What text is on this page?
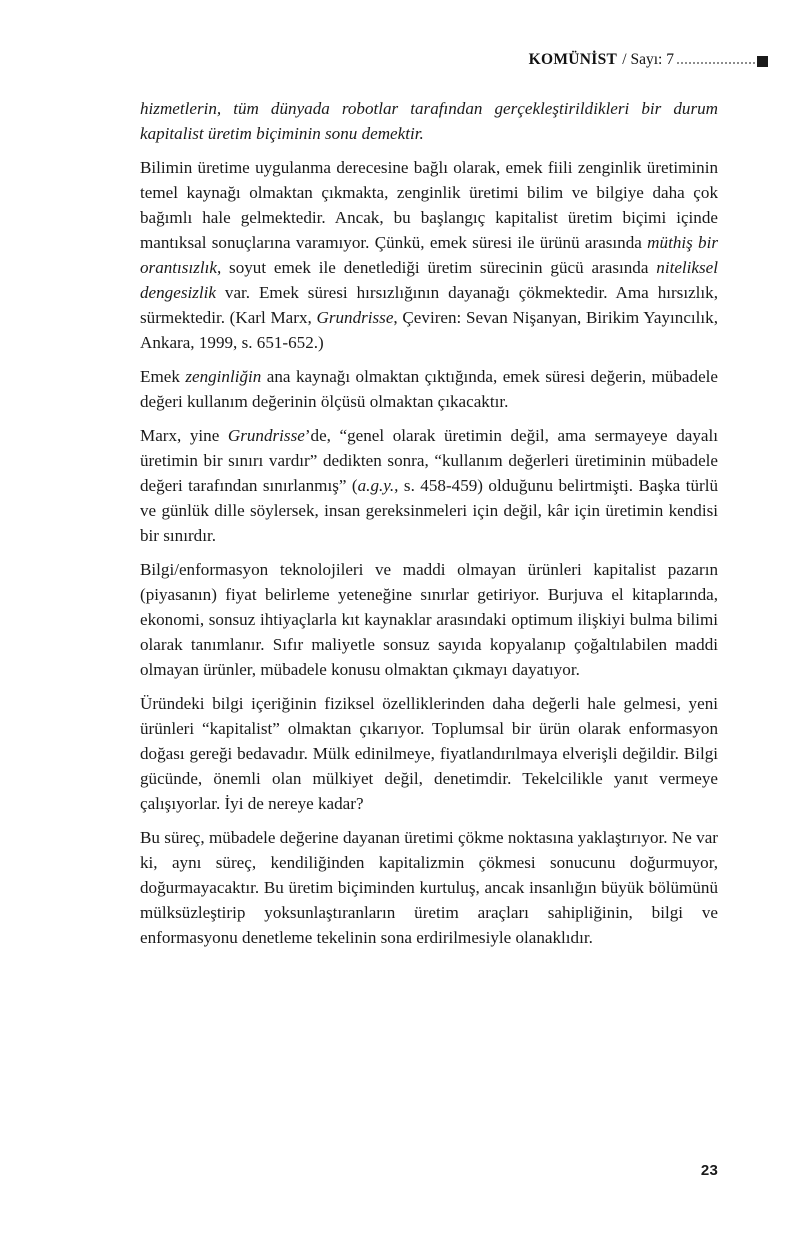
KOMÜNİST / Sayı: 7

hizmetlerin, tüm dünyada robotlar tarafından gerçekleştirildikleri bir durum kapitalist üretim biçiminin sonu demektir.

Bilimin üretime uygulanma derecesine bağlı olarak, emek fiili zenginlik üretiminin temel kaynağı olmaktan çıkmakta, zenginlik üretimi bilim ve bilgiye daha çok bağımlı hale gelmektedir. Ancak, bu başlangıç kapitalist üretim biçimi içinde mantıksal sonuçlarına varamıyor. Çünkü, emek süresi ile ürünü arasında müthiş bir orantısızlık, soyut emek ile denetlediği üretim sürecinin gücü arasında niteliksel dengesizlik var. Emek süresi hırsızlığının dayanağı çökmektedir. Ama hırsızlık, sürmektedir. (Karl Marx, Grundrisse, Çeviren: Sevan Nişanyan, Birikim Yayıncılık, Ankara, 1999, s. 651-652.)

Emek zenginliğin ana kaynağı olmaktan çıktığında, emek süresi değerin, mübadele değeri kullanım değerinin ölçüsü olmaktan çıkacaktır.

Marx, yine Grundrisse’de, “genel olarak üretimin değil, ama sermayeye dayalı üretimin bir sınırı vardır” dedikten sonra, “kullanım değerleri üretiminin mübadele değeri tarafından sınırlanmış” (a.g.y., s. 458-459) olduğunu belirtmişti. Başka türlü ve günlük dille söylersek, insan gereksinmeleri için değil, kâr için üretimin kendisi bir sınırdır.

Bilgi/enformasyon teknolojileri ve maddi olmayan ürünleri kapitalist pazarın (piyasanın) fiyat belirleme yeteneğine sınırlar getiriyor. Burjuva el kitaplarında, ekonomi, sonsuz ihtiyaçlarla kıt kaynaklar arasındaki optimum ilişkiyi bulma bilimi olarak tanımlanır. Sıfır maliyetle sonsuz sayıda kopyalanıp çoğaltılabilen maddi olmayan ürünler, mübadele konusu olmaktan çıkmayı dayatıyor.

Üründeki bilgi içeriğinin fiziksel özelliklerinden daha değerli hale gelmesi, yeni ürünleri “kapitalist” olmaktan çıkarıyor. Toplumsal bir ürün olarak enformasyon doğası gereği bedavadır. Mülk edinilmeye, fiyatlandırılmaya elverişli değildir. Bilgi gücünde, önemli olan mülkiyet değil, denetimdir. Tekelcilikle yanıt vermeye çalışıyorlar. İyi de nereye kadar?

Bu süreç, mübadele değerine dayanan üretimi çökme noktasına yaklaştırıyor. Ne var ki, aynı süreç, kendiliğinden kapitalizmin çökmesi sonucunu doğurmuyor, doğurmayacaktır. Bu üretim biçiminden kurtuluş, ancak insanlığın büyük bölümünü mülksüzleştirip yoksunlaştıranların üretim araçları sahipliğinin, bilgi ve enformasyonu denetleme tekelinin sona erdirilmesiyle olanaklıdır.

23
